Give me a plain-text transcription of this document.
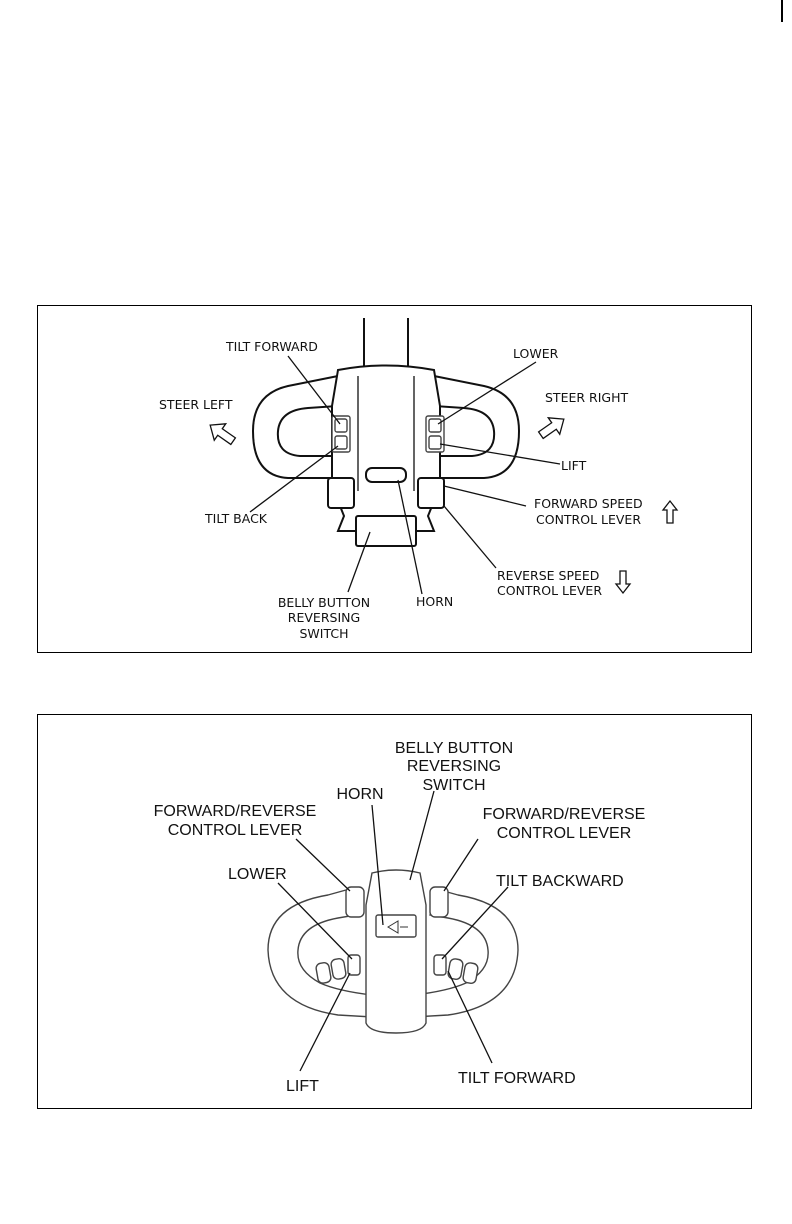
TILT FORWARD	LOWER
STEER LEFT	STEER RIGHT
LIFT
TILT BACK
FORWARD SPEED
CONTROL LEVER
REVERSE SPEED
CONTROL LEVER
BELLY BUTTON
REVERSING
SWITCH
HORN
BELLY BUTTON
REVERSING
SWITCH
HORN
FORWARD/REVERSE
CONTROL LEVER
FORWARD/REVERSE
CONTROL LEVER
LOWER	TILT BACKWARD
LIFT	TILT FORWARD
